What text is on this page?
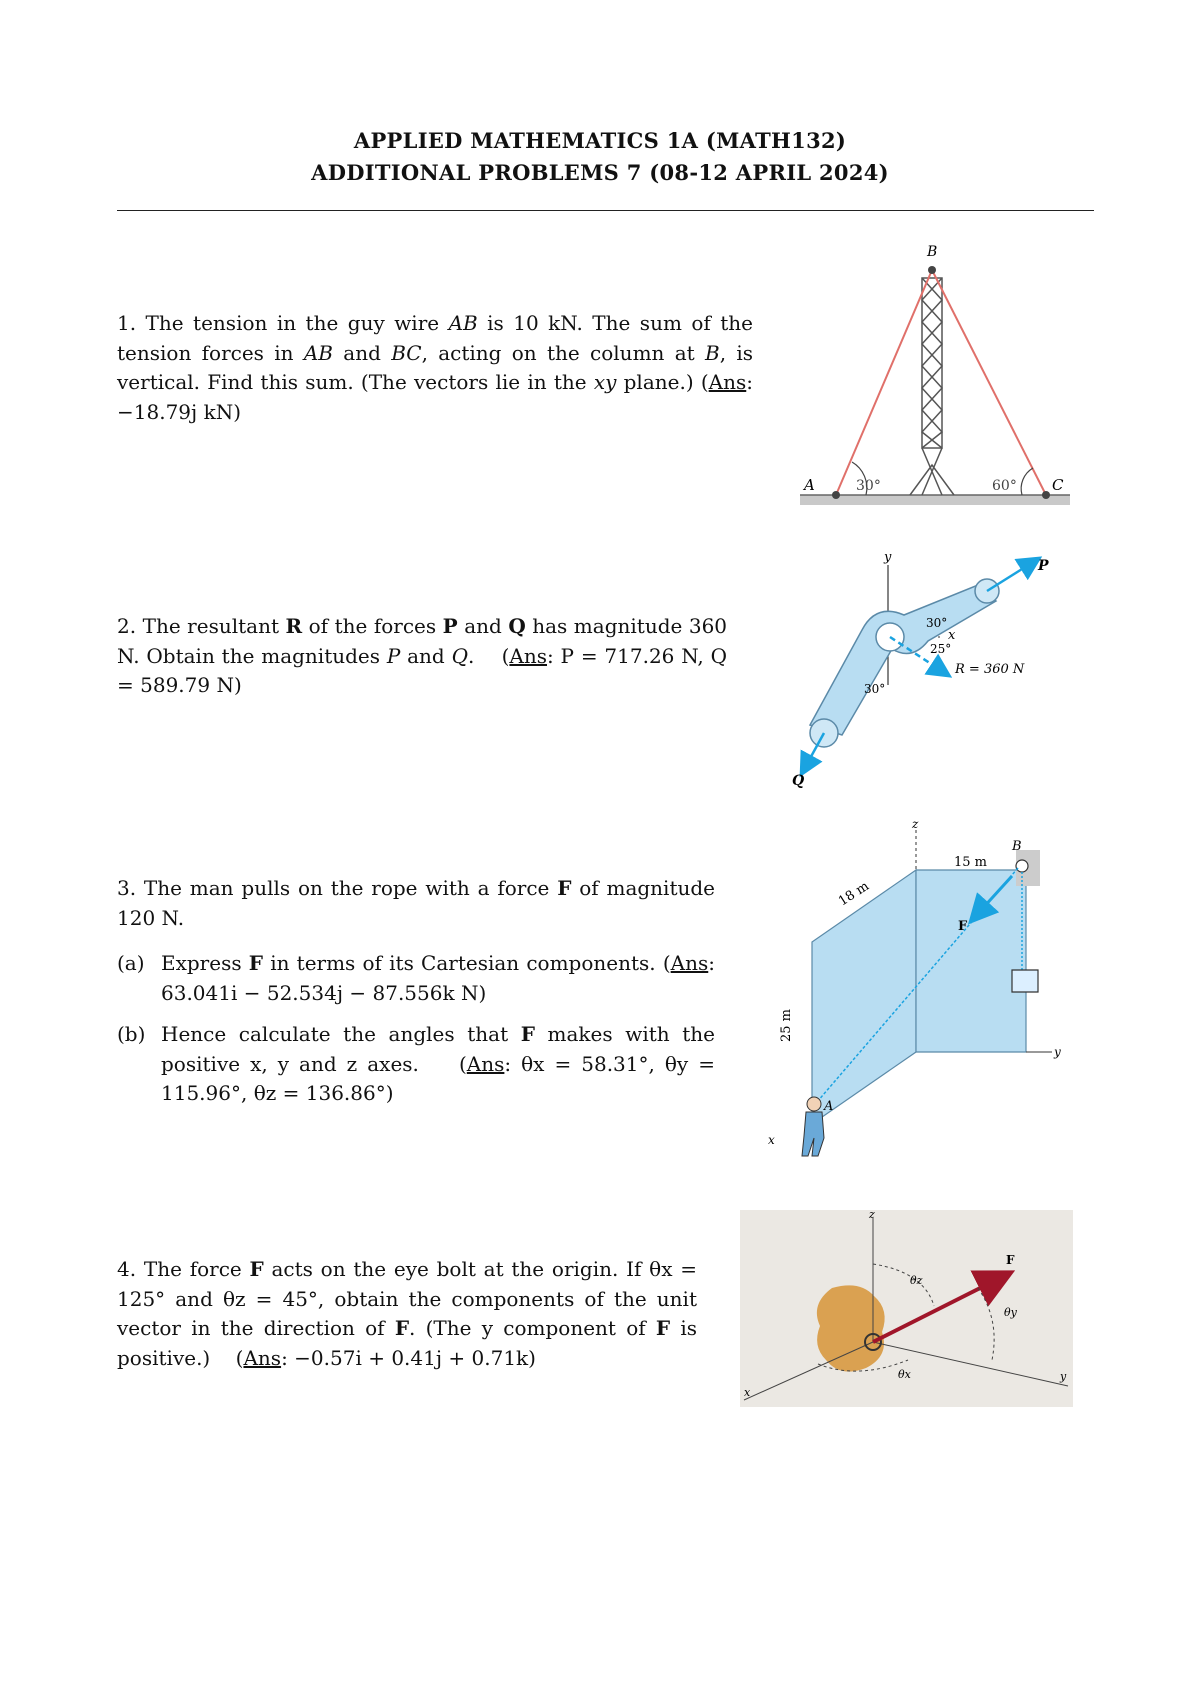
APPLIED MATHEMATICS 1A (MATH132)
ADDITIONAL PROBLEMS 7 (08-12 APRIL 2024)

1. The tension in the guy wire AB is 10 kN. The sum of the tension forces in AB and BC, acting on the column at B, is vertical. Find this sum. (The vectors lie in the xy plane.) (Ans: −18.79j kN)

2. The resultant R of the forces P and Q has magnitude 360 N. Obtain the magnitudes P and Q.    (Ans: P = 717.26 N, Q = 589.79 N)

3. The man pulls on the rope with a force F of magnitude 120 N.

(a) Express F in terms of its Cartesian components. (Ans: 63.041i − 52.534j − 87.556k N)
(b) Hence calculate the angles that F makes with the positive x, y and z axes.    (Ans: θx = 58.31°, θy = 115.96°, θz = 136.86°)

4. The force F acts on the eye bolt at the origin. If θx = 125° and θz = 45°, obtain the components of the unit vector in the direction of F. (The y component of F is positive.)    (Ans: −0.57i + 0.41j + 0.71k)

B
A	C
30°	60°
y
x
P
Q
R = 360 N
30°
25°
30°
z
y
x
15 m
18 m
25 m
B
A
F
z
y
x
F
θz
θy
θx
